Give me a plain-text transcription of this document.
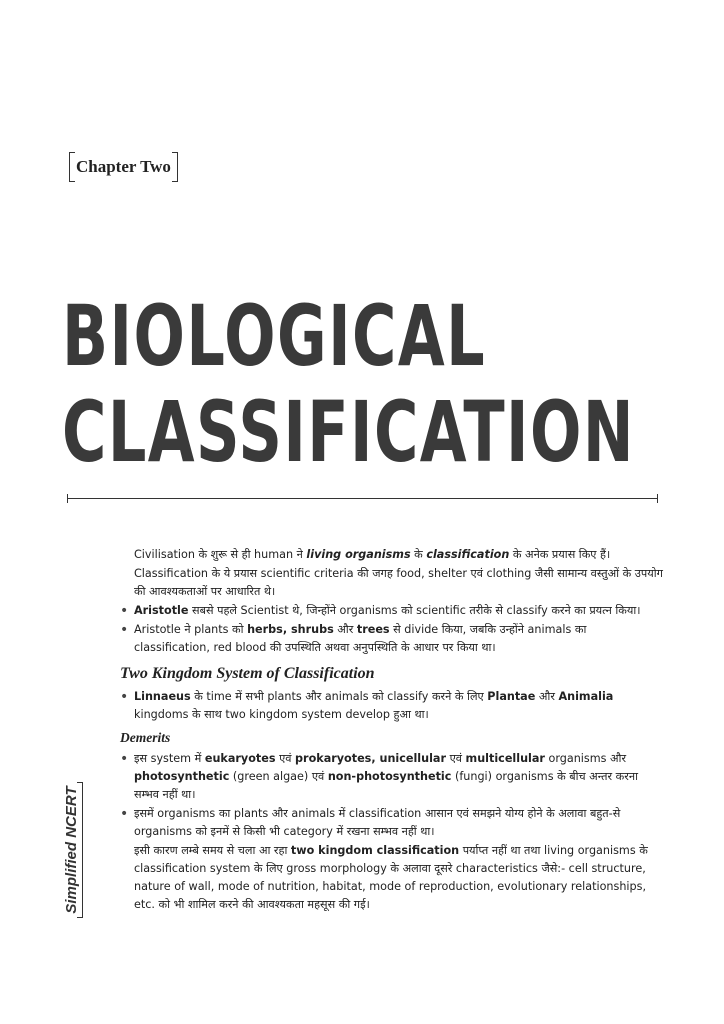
Chapter Two
BIOLOGICAL
CLASSIFICATION
Civilisation के शुरू से ही human ने living organisms के classification के अनेक प्रयास किए हैं।
Classification के ये प्रयास scientific criteria की जगह food, shelter एवं clothing जैसी सामान्य वस्तुओं के उपयोग की आवश्यकताओं पर आधारित थे।
• Aristotle सबसे पहले Scientist थे, जिन्होंने organisms को scientific तरीके से classify करने का प्रयत्न किया।
• Aristotle ने plants को herbs, shrubs और trees से divide किया, जबकि उन्होंने animals का classification, red blood की उपस्थिति अथवा अनुपस्थिति के आधार पर किया था।
Two Kingdom System of Classification
• Linnaeus के time में सभी plants और animals को classify करने के लिए Plantae और Animalia kingdoms के साथ two kingdom system develop हुआ था।
Demerits
• इस system में eukaryotes एवं prokaryotes, unicellular एवं multicellular organisms और photosynthetic (green algae) एवं non-photosynthetic (fungi) organisms के बीच अन्तर करना सम्भव नहीं था।
• इसमें organisms का plants और animals में classification आसान एवं समझने योग्य होने के अलावा बहुत-से organisms को इनमें से किसी भी category में रखना सम्भव नहीं था।
इसी कारण लम्बे समय से चला आ रहा two kingdom classification पर्याप्त नहीं था तथा living organisms के classification system के लिए gross morphology के अलावा दूसरे characteristics जैसे:- cell structure, nature of wall, mode of nutrition, habitat, mode of reproduction, evolutionary relationships, etc. को भी शामिल करने की आवश्यकता महसूस की गई।
Simplified NCERT
